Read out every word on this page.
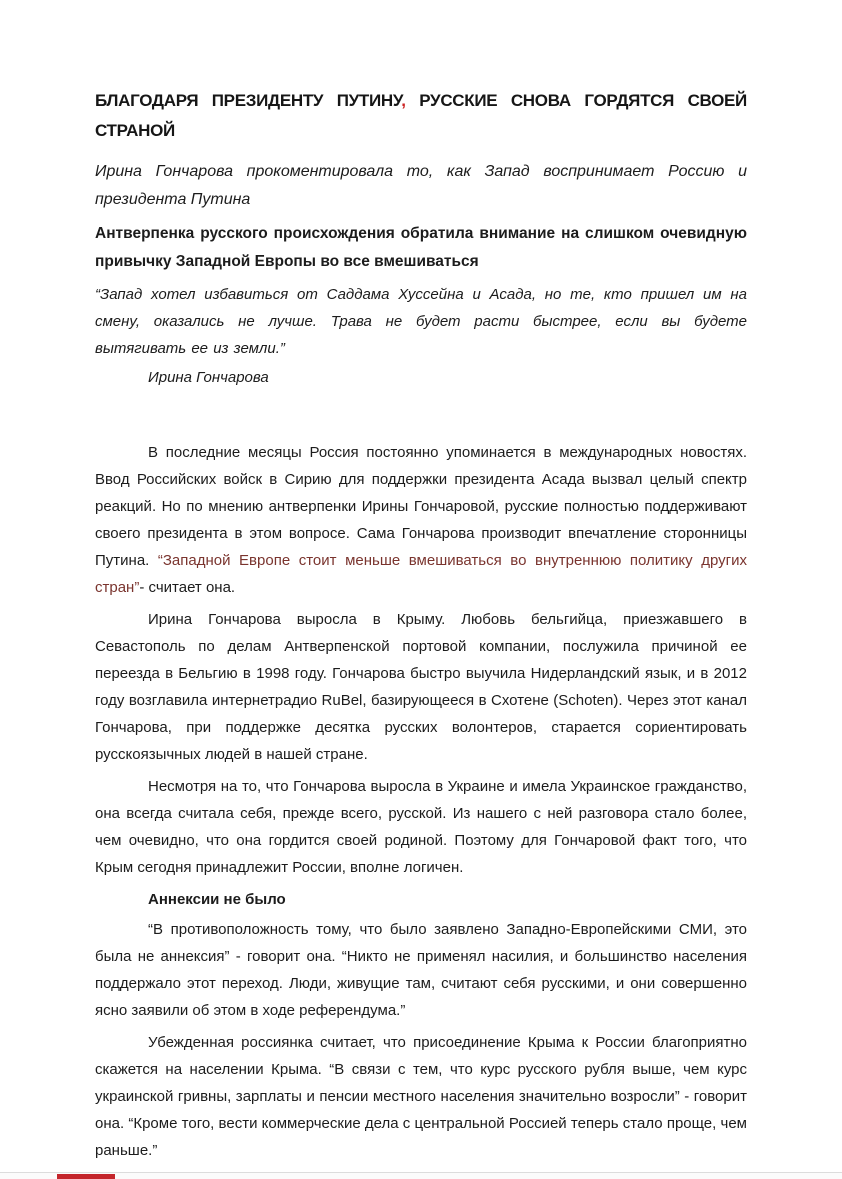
БЛАГОДАРЯ ПРЕЗИДЕНТУ ПУТИНУ, РУССКИЕ СНОВА ГОРДЯТСЯ СВОЕЙ СТРАНОЙ

Ирина Гончарова прокоментировала то, как Запад воспринимает Россию и президента Путина

Антверпенка русского происхождения обратила внимание на слишком очевидную привычку Западной Европы во все вмешиваться

“Запад хотел избавиться от Саддама Хуссейна и Асада, но те, кто пришел им на смену, оказались не лучше. Трава не будет расти быстрее, если вы будете вытягивать ее из земли.”

Ирина Гончарова

В последние месяцы Россия постоянно упоминается в международных новостях. Ввод Российских войск в Сирию для поддержки президента Асада вызвал целый спектр реакций. Но по мнению антверпенки Ирины Гончаровой, русские полностью поддерживают своего президента в этом вопросе. Сама Гончарова производит впечатление сторонницы Путина. “Западной Европе стоит меньше вмешиваться во внутреннюю политику других стран”- считает она.

Ирина Гончарова выросла в Крыму. Любовь бельгийца, приезжавшего в Севастополь по делам Антверпенской портовой компании, послужила причиной ее переезда в Бельгию в 1998 году. Гончарова быстро выучила Нидерландский язык, и в 2012 году возглавила интернетрадио RuBel, базирующееся в Схотене (Schoten). Через этот канал Гончарова, при поддержке десятка русских волонтеров, старается сориентировать русскоязычных людей в нашей стране.

Несмотря на то, что Гончарова выросла в Украине и имела Украинское гражданство, она всегда считала себя, прежде всего, русской. Из нашего с ней разговора стало более, чем очевидно, что она гордится своей родиной. Поэтому для Гончаровой факт того, что Крым сегодня принадлежит России, вполне логичен.

Аннексии не было

“В противоположность тому, что было заявлено Западно-Европейскими СМИ, это была не аннексия” - говорит она. “Никто не применял насилия, и большинство населения поддержало этот переход. Люди, живущие там, считают себя русскими, и они совершенно ясно заявили об этом в ходе референдума.”

Убежденная россиянка считает, что присоединение Крыма к России благоприятно скажется на населении Крыма. “В связи с тем, что курс русского рубля выше, чем курс украинской гривны, зарплаты и пенсии местного населения значительно возросли” - говорит она. “Кроме того, вести коммерческие дела с центральной Россией теперь стало проще, чем раньше.”
